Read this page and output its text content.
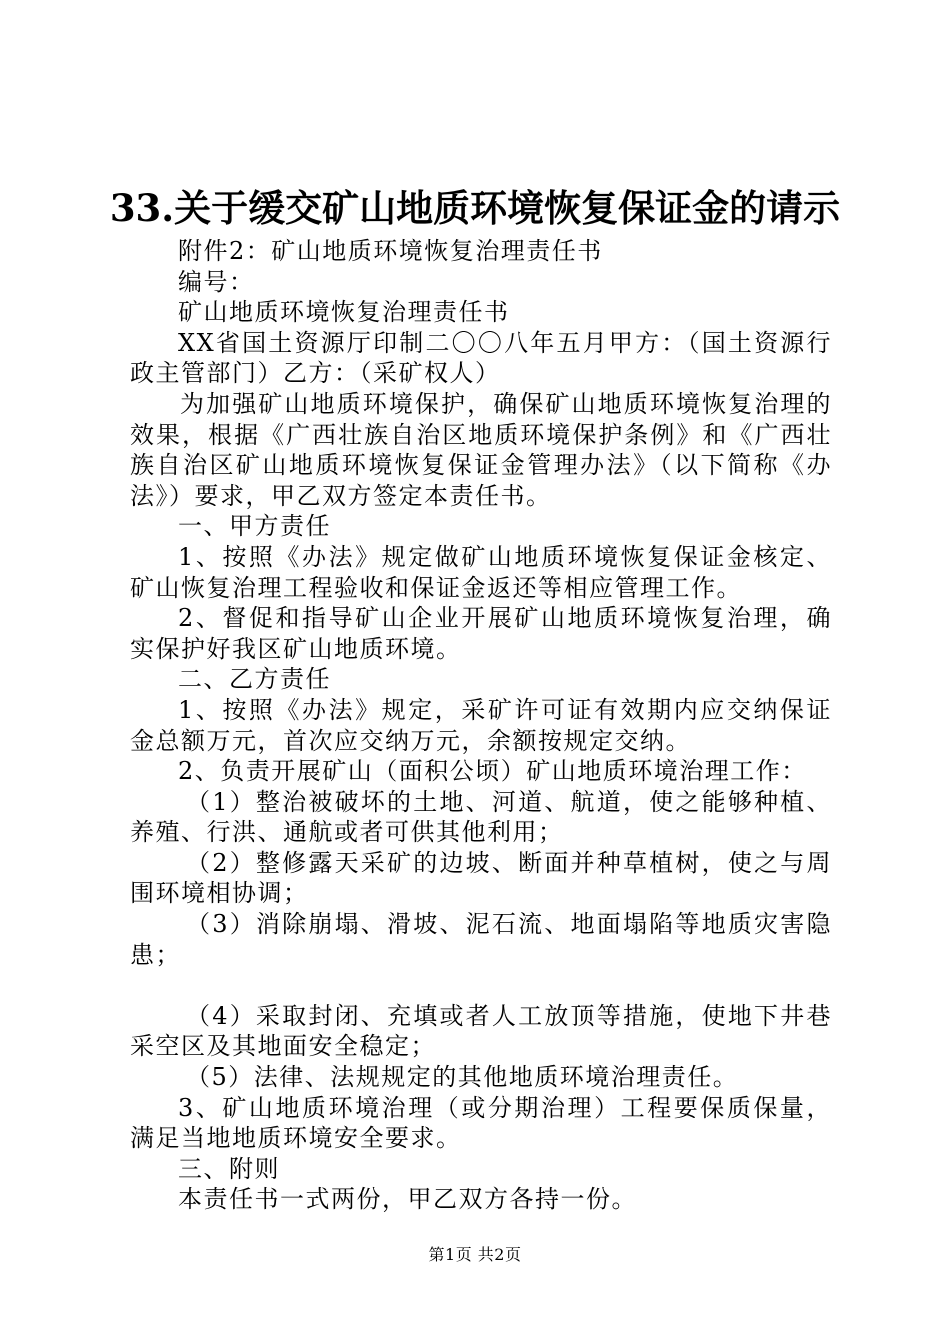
33.关于缓交矿山地质环境恢复保证金的请示

附件2：矿山地质环境恢复治理责任书

编号：

矿山地质环境恢复治理责任书

XX省国土资源厅印制二〇〇八年五月甲方：（国土资源行政主管部门）乙方：（采矿权人）

为加强矿山地质环境保护，确保矿山地质环境恢复治理的效果，根据《广西壮族自治区地质环境保护条例》和《广西壮族自治区矿山地质环境恢复保证金管理办法》（以下简称《办法》）要求，甲乙双方签定本责任书。

一、甲方责任

1、按照《办法》规定做矿山地质环境恢复保证金核定、矿山恢复治理工程验收和保证金返还等相应管理工作。

2、督促和指导矿山企业开展矿山地质环境恢复治理，确实保护好我区矿山地质环境。

二、乙方责任

1、按照《办法》规定，采矿许可证有效期内应交纳保证金总额万元，首次应交纳万元，余额按规定交纳。

2、负责开展矿山（面积公顷）矿山地质环境治理工作：

（1）整治被破坏的土地、河道、航道，使之能够种植、养殖、行洪、通航或者可供其他利用；

（2）整修露天采矿的边坡、断面并种草植树，使之与周围环境相协调；

（3）消除崩塌、滑坡、泥石流、地面塌陷等地质灾害隐患；

（4）采取封闭、充填或者人工放顶等措施，使地下井巷采空区及其地面安全稳定；

（5）法律、法规规定的其他地质环境治理责任。

3、矿山地质环境治理（或分期治理）工程要保质保量，满足当地地质环境安全要求。

三、附则

本责任书一式两份，甲乙双方各持一份。

第1页 共2页
